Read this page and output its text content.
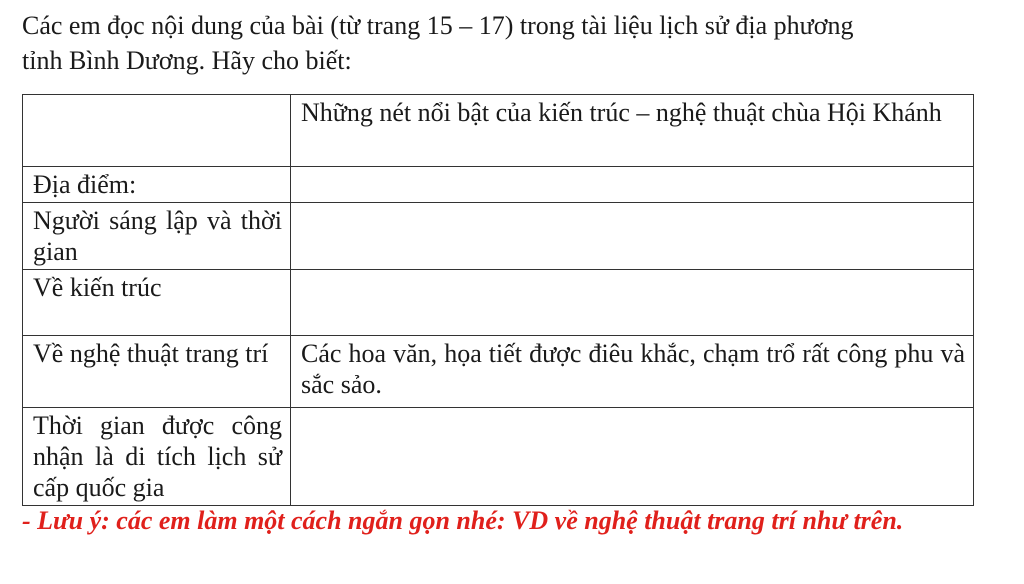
Các em đọc nội dung của bài (từ trang 15 – 17) trong tài liệu lịch sử địa phương
tỉnh Bình Dương. Hãy cho biết:
	Những nét nổi bật của kiến trúc – nghệ thuật chùa Hội Khánh
Địa điểm:	
Người sáng lập và thời gian	
Về kiến trúc	
Về nghệ thuật trang trí	Các hoa văn, họa tiết được điêu khắc, chạm trổ rất công phu và sắc sảo.
Thời gian được công nhận là di tích lịch sử cấp quốc gia	
- Lưu ý: các em làm một cách ngắn gọn nhé: VD về nghệ thuật trang trí như trên.
